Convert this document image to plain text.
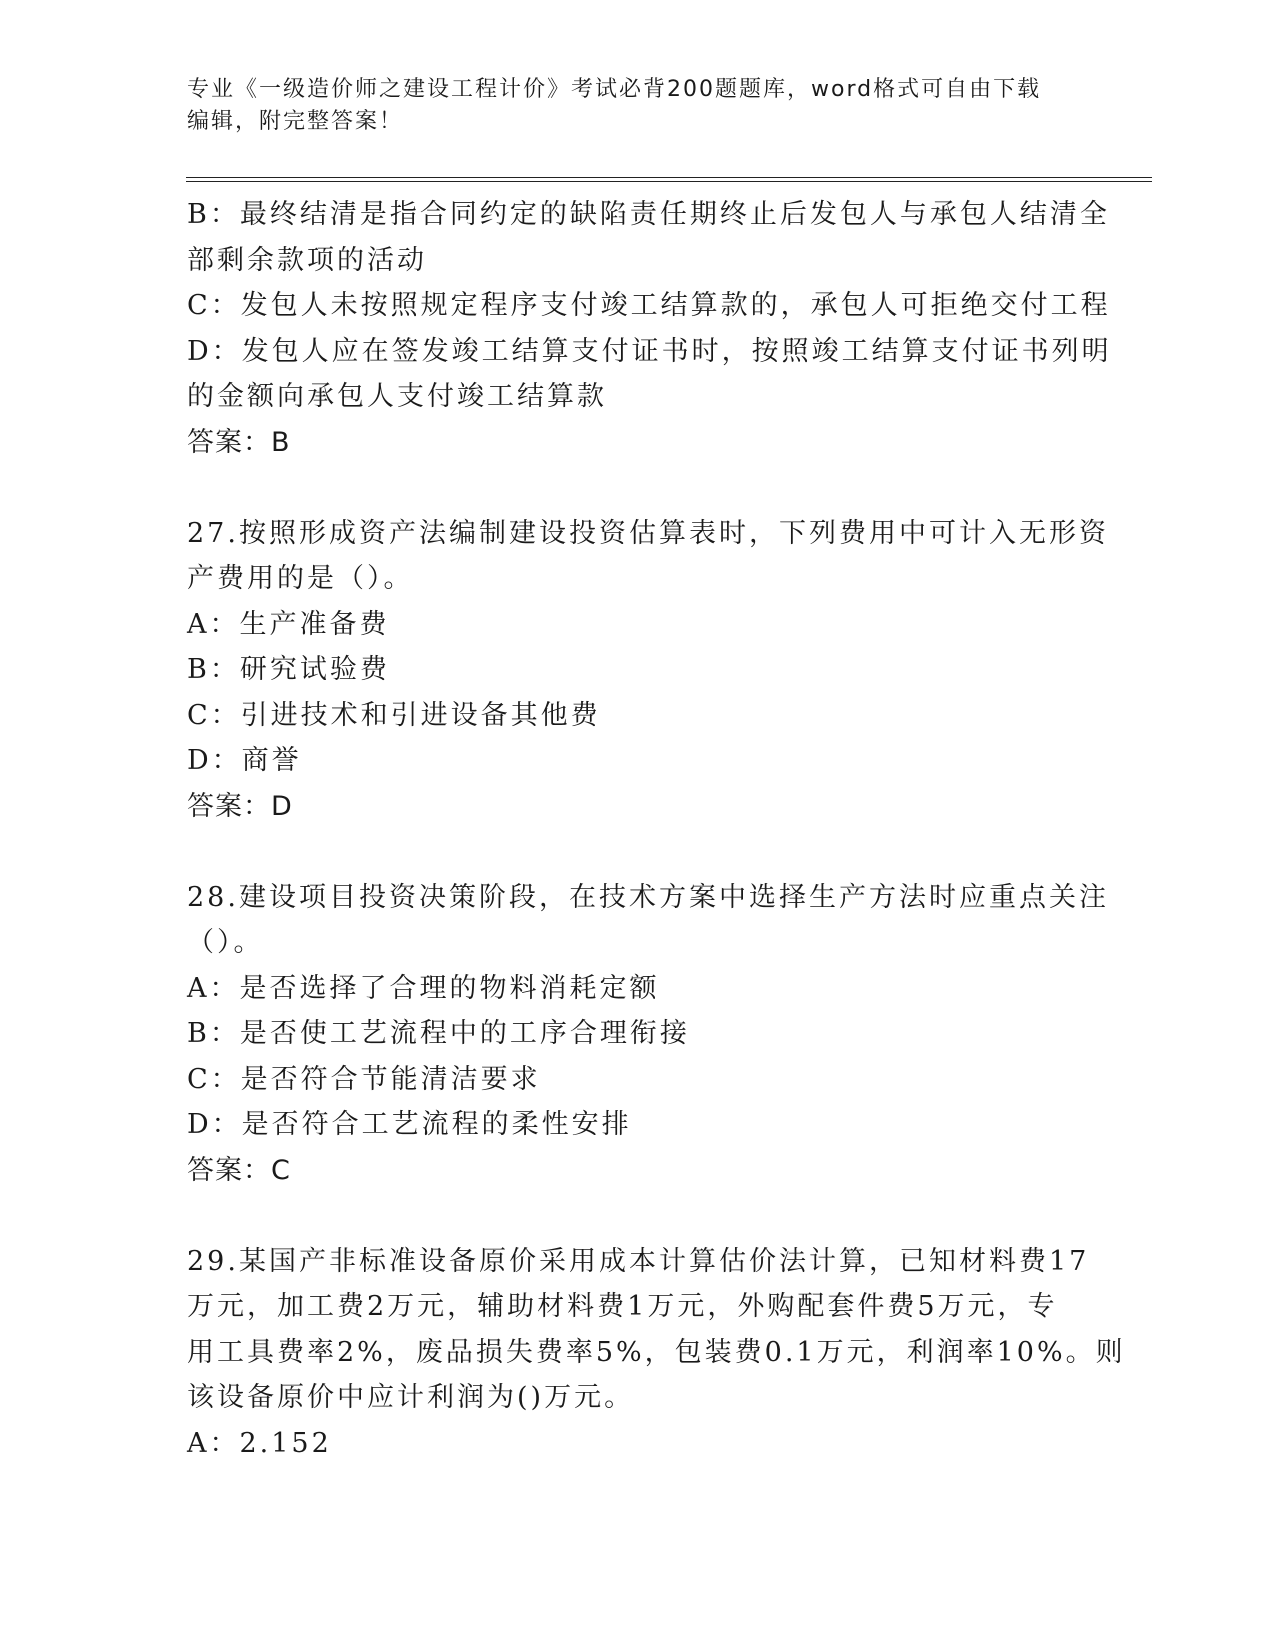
专业《一级造价师之建设工程计价》考试必背200题题库，word格式可自由下载
编辑，附完整答案！
B：最终结清是指合同约定的缺陷责任期终止后发包人与承包人结清全
部剩余款项的活动
C：发包人未按照规定程序支付竣工结算款的，承包人可拒绝交付工程
D：发包人应在签发竣工结算支付证书时，按照竣工结算支付证书列明
的金额向承包人支付竣工结算款
答案：B
27.按照形成资产法编制建设投资估算表时，下列费用中可计入无形资
产费用的是（）。
A：生产准备费
B：研究试验费
C：引进技术和引进设备其他费
D：商誉
答案：D
28.建设项目投资决策阶段，在技术方案中选择生产方法时应重点关注
（）。
A：是否选择了合理的物料消耗定额
B：是否使工艺流程中的工序合理衔接
C：是否符合节能清洁要求
D：是否符合工艺流程的柔性安排
答案：C
29.某国产非标准设备原价采用成本计算估价法计算，已知材料费17
万元，加工费2万元，辅助材料费1万元，外购配套件费5万元，专
用工具费率2%，废品损失费率5%，包装费0.1万元，利润率10%。则
该设备原价中应计利润为()万元。
A：2.152
